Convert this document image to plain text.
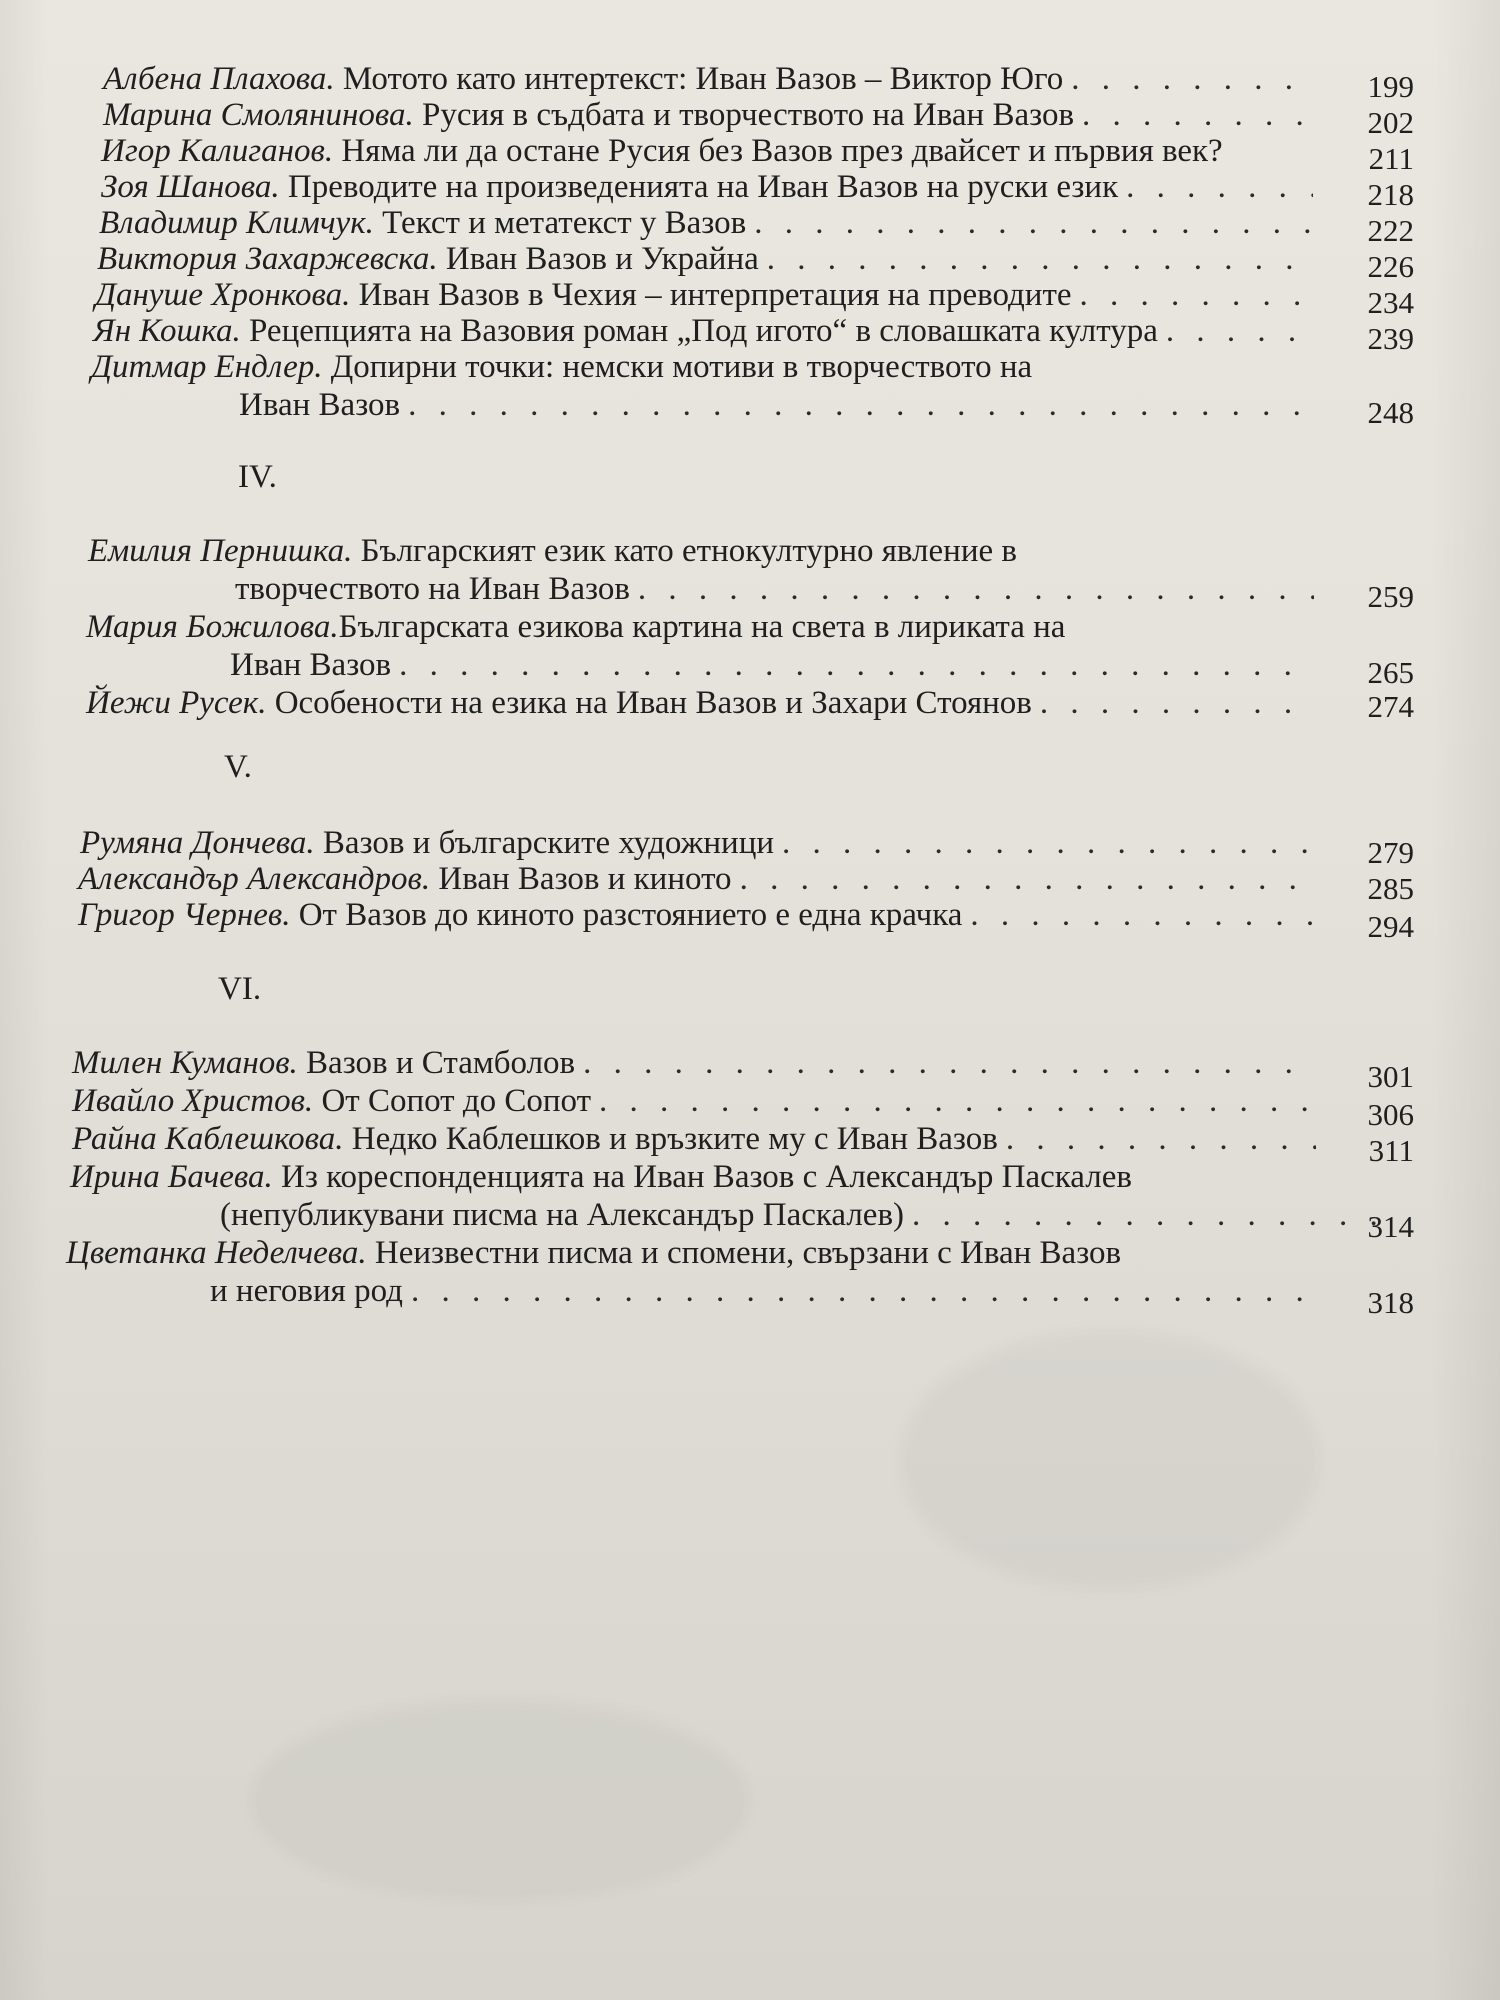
Албена Плахова.
Мотото като интертекст: Иван Вазов – Виктор Юго . . .	199
Марина Смолянинова.
Русия в съдбата и творчеството на Иван Вазов . . .	202
Игор Калиганов.
Няма ли да остане Русия без Вазов през двайсет и първия век?	211
Зоя Шанова.
Преводите на произведенията на Иван Вазов на руски език . . .	218
Владимир Климчук.
Текст и метатекст у Вазов . . .	222
Виктория Захаржевска.
Иван Вазов и Украйна . . .	226
Дануше Хронкова.
Иван Вазов в Чехия – интерпретация на преводите . . .	234
Ян Кошка.
Рецепцията на Вазовия роман „Под игото“ в словашката култура . . .	239
Дитмар Ендлер.
Допирни точки: немски мотиви в творчеството на
Иван Вазов . . .	248
IV.
Емилия Пернишка.
Българският език като етнокултурно явление в
творчеството на Иван Вазов . . .	259
Мария Божилова. Българската езикова картина на света в лириката на
Иван Вазов . . .	265
Йежи Русек.
Особености на езика на Иван Вазов и Захари Стоянов . . .	274
V.
Румяна Дончева.
Вазов и българските художници . . .	279
Александър Александров.
Иван Вазов и киното . . .	285
Григор Чернев.
От Вазов до киното разстоянието е една крачка . . .	294
VI.
Милен Куманов.
Вазов и Стамболов . . .	301
Ивайло Христов.
От Сопот до Сопот . . .	306
Райна Каблешкова.
Недко Каблешков и връзките му с Иван Вазов . . .	311
Ирина Бачева.
Из кореспонденцията на Иван Вазов с Александър Паскалев
(непубликувани писма на Александър Паскалев) . . .	314
Цветанка Неделчева.
Неизвестни писма и спомени, свързани с Иван Вазов
и неговия род . . .	318
